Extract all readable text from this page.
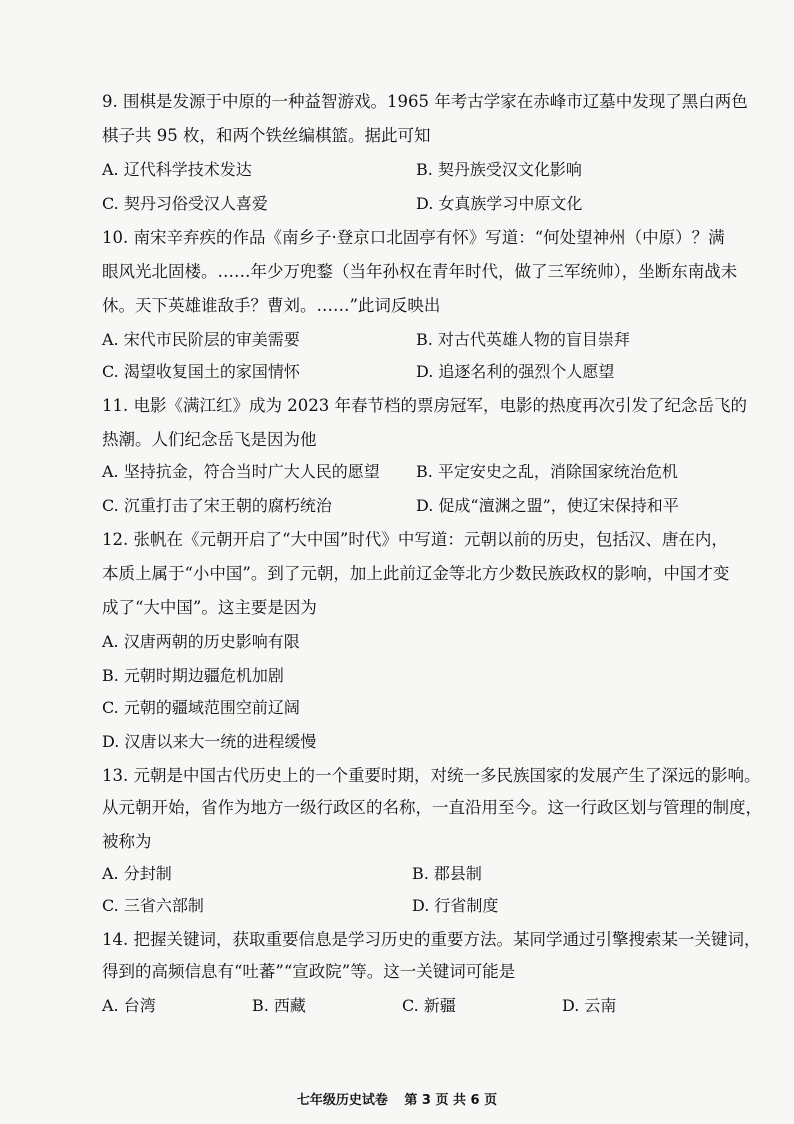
9. 围棋是发源于中原的一种益智游戏。1965 年考古学家在赤峰市辽墓中发现了黑白两色
棋子共 95 枚，和两个铁丝编棋篮。据此可知
A. 辽代科学技术发达	B. 契丹族受汉文化影响
C. 契丹习俗受汉人喜爱	D. 女真族学习中原文化
10. 南宋辛弃疾的作品《南乡子·登京口北固亭有怀》写道：“何处望神州（中原）？满
眼风光北固楼。……年少万兜鍪（当年孙权在青年时代，做了三军统帅），坐断东南战未
休。天下英雄谁敌手？曹刘。……”此词反映出
A. 宋代市民阶层的审美需要	B. 对古代英雄人物的盲目崇拜
C. 渴望收复国土的家国情怀	D. 追逐名利的强烈个人愿望
11. 电影《满江红》成为 2023 年春节档的票房冠军，电影的热度再次引发了纪念岳飞的
热潮。人们纪念岳飞是因为他
A. 坚持抗金，符合当时广大人民的愿望 B. 平定安史之乱，消除国家统治危机
C. 沉重打击了宋王朝的腐朽统治	D. 促成“澶渊之盟”，使辽宋保持和平
12. 张帆在《元朝开启了“大中国”时代》中写道：元朝以前的历史，包括汉、唐在内，
本质上属于“小中国”。到了元朝，加上此前辽金等北方少数民族政权的影响，中国才变
成了“大中国”。这主要是因为
A. 汉唐两朝的历史影响有限
B. 元朝时期边疆危机加剧
C. 元朝的疆域范围空前辽阔
D. 汉唐以来大一统的进程缓慢
13. 元朝是中国古代历史上的一个重要时期，对统一多民族国家的发展产生了深远的影响。
从元朝开始，省作为地方一级行政区的名称，一直沿用至今。这一行政区划与管理的制度，
被称为
A. 分封制	B. 郡县制
C. 三省六部制	D. 行省制度
14. 把握关键词，获取重要信息是学习历史的重要方法。某同学通过引擎搜索某一关键词，
得到的高频信息有“吐蕃”“宣政院”等。这一关键词可能是
A. 台湾	B. 西藏	C. 新疆	D. 云南
七年级历史试卷 第 3 页 共 6 页
